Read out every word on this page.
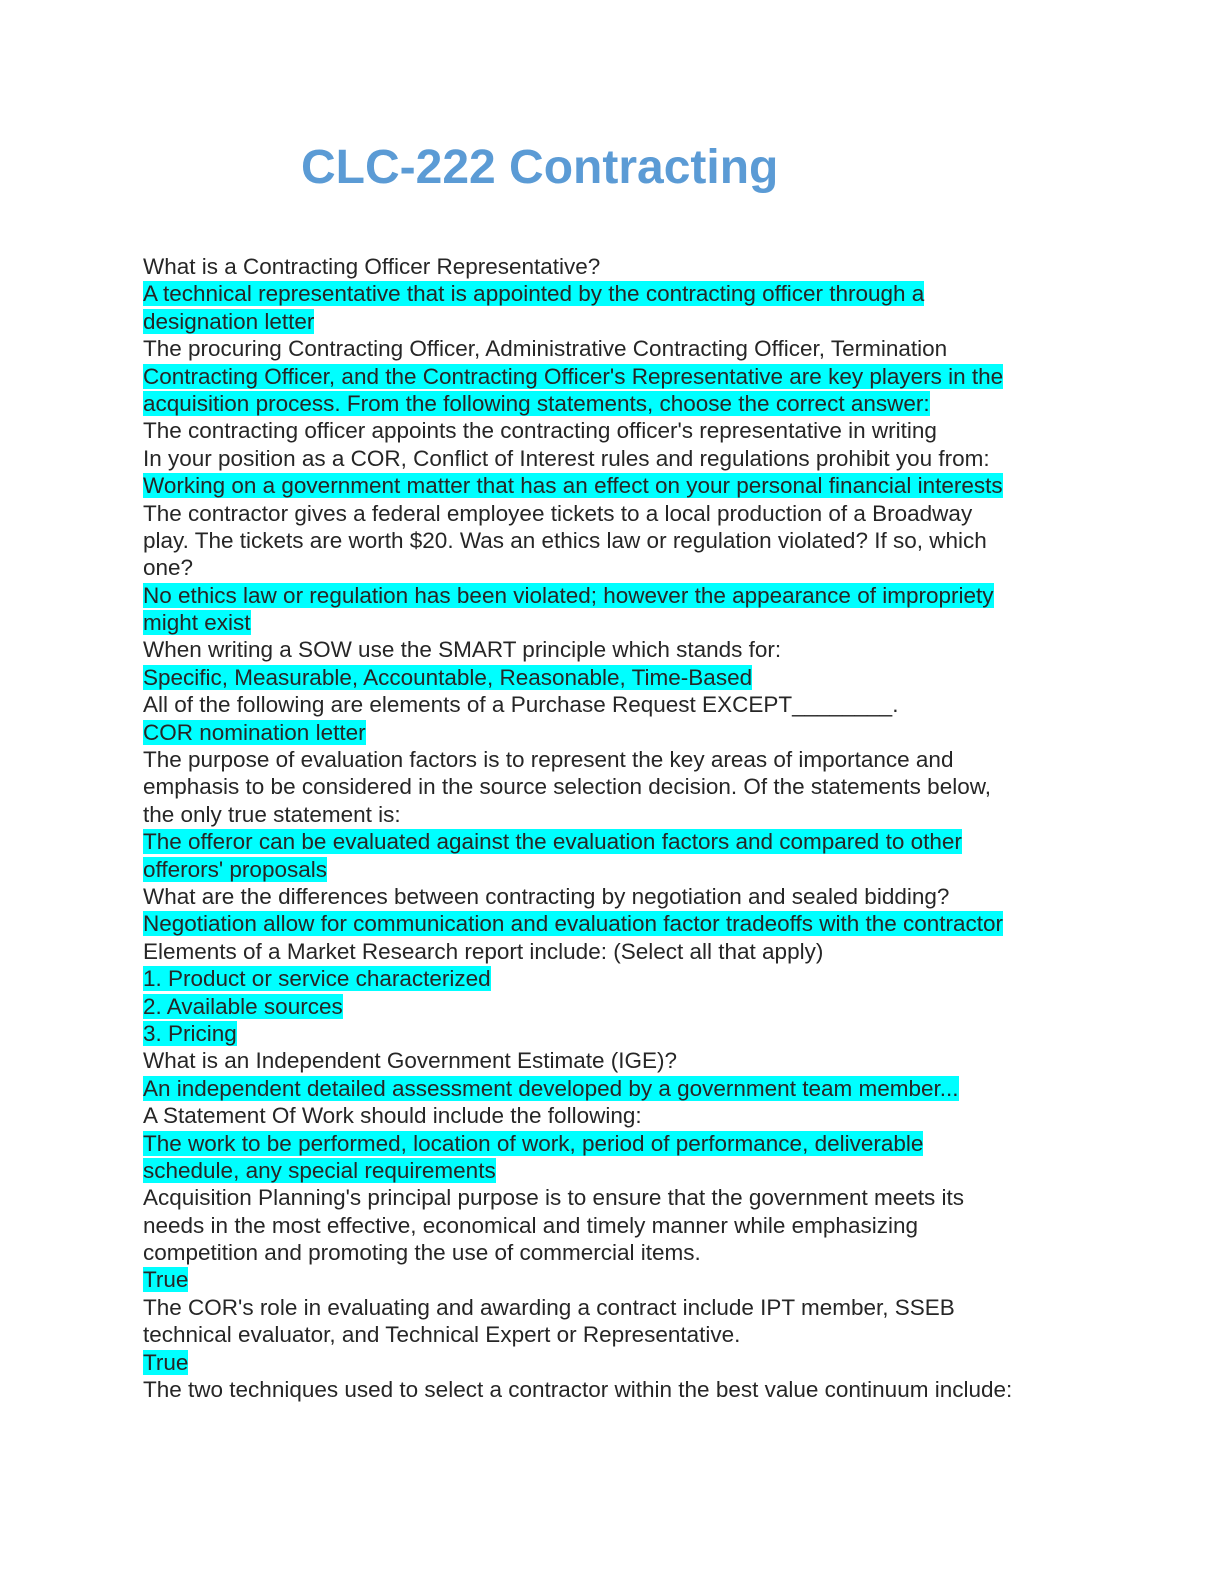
CLC-222 Contracting
What is a Contracting Officer Representative?
A technical representative that is appointed by the contracting officer through a
designation letter
The procuring Contracting Officer, Administrative Contracting Officer, Termination
Contracting Officer, and the Contracting Officer's Representative are key players in the
acquisition process. From the following statements, choose the correct answer:
The contracting officer appoints the contracting officer's representative in writing
In your position as a COR, Conflict of Interest rules and regulations prohibit you from:
Working on a government matter that has an effect on your personal financial interests
The contractor gives a federal employee tickets to a local production of a Broadway
play. The tickets are worth $20. Was an ethics law or regulation violated? If so, which
one?
No ethics law or regulation has been violated; however the appearance of impropriety
might exist
When writing a SOW use the SMART principle which stands for:
Specific, Measurable, Accountable, Reasonable, Time-Based
All of the following are elements of a Purchase Request EXCEPT________.
COR nomination letter
The purpose of evaluation factors is to represent the key areas of importance and
emphasis to be considered in the source selection decision. Of the statements below,
the only true statement is:
The offeror can be evaluated against the evaluation factors and compared to other
offerors' proposals
What are the differences between contracting by negotiation and sealed bidding?
Negotiation allow for communication and evaluation factor tradeoffs with the contractor
Elements of a Market Research report include: (Select all that apply)
1. Product or service characterized
2. Available sources
3. Pricing
What is an Independent Government Estimate (IGE)?
An independent detailed assessment developed by a government team member...
A Statement Of Work should include the following:
The work to be performed, location of work, period of performance, deliverable
schedule, any special requirements
Acquisition Planning's principal purpose is to ensure that the government meets its
needs in the most effective, economical and timely manner while emphasizing
competition and promoting the use of commercial items.
True
The COR's role in evaluating and awarding a contract include IPT member, SSEB
technical evaluator, and Technical Expert or Representative.
True
The two techniques used to select a contractor within the best value continuum include:
